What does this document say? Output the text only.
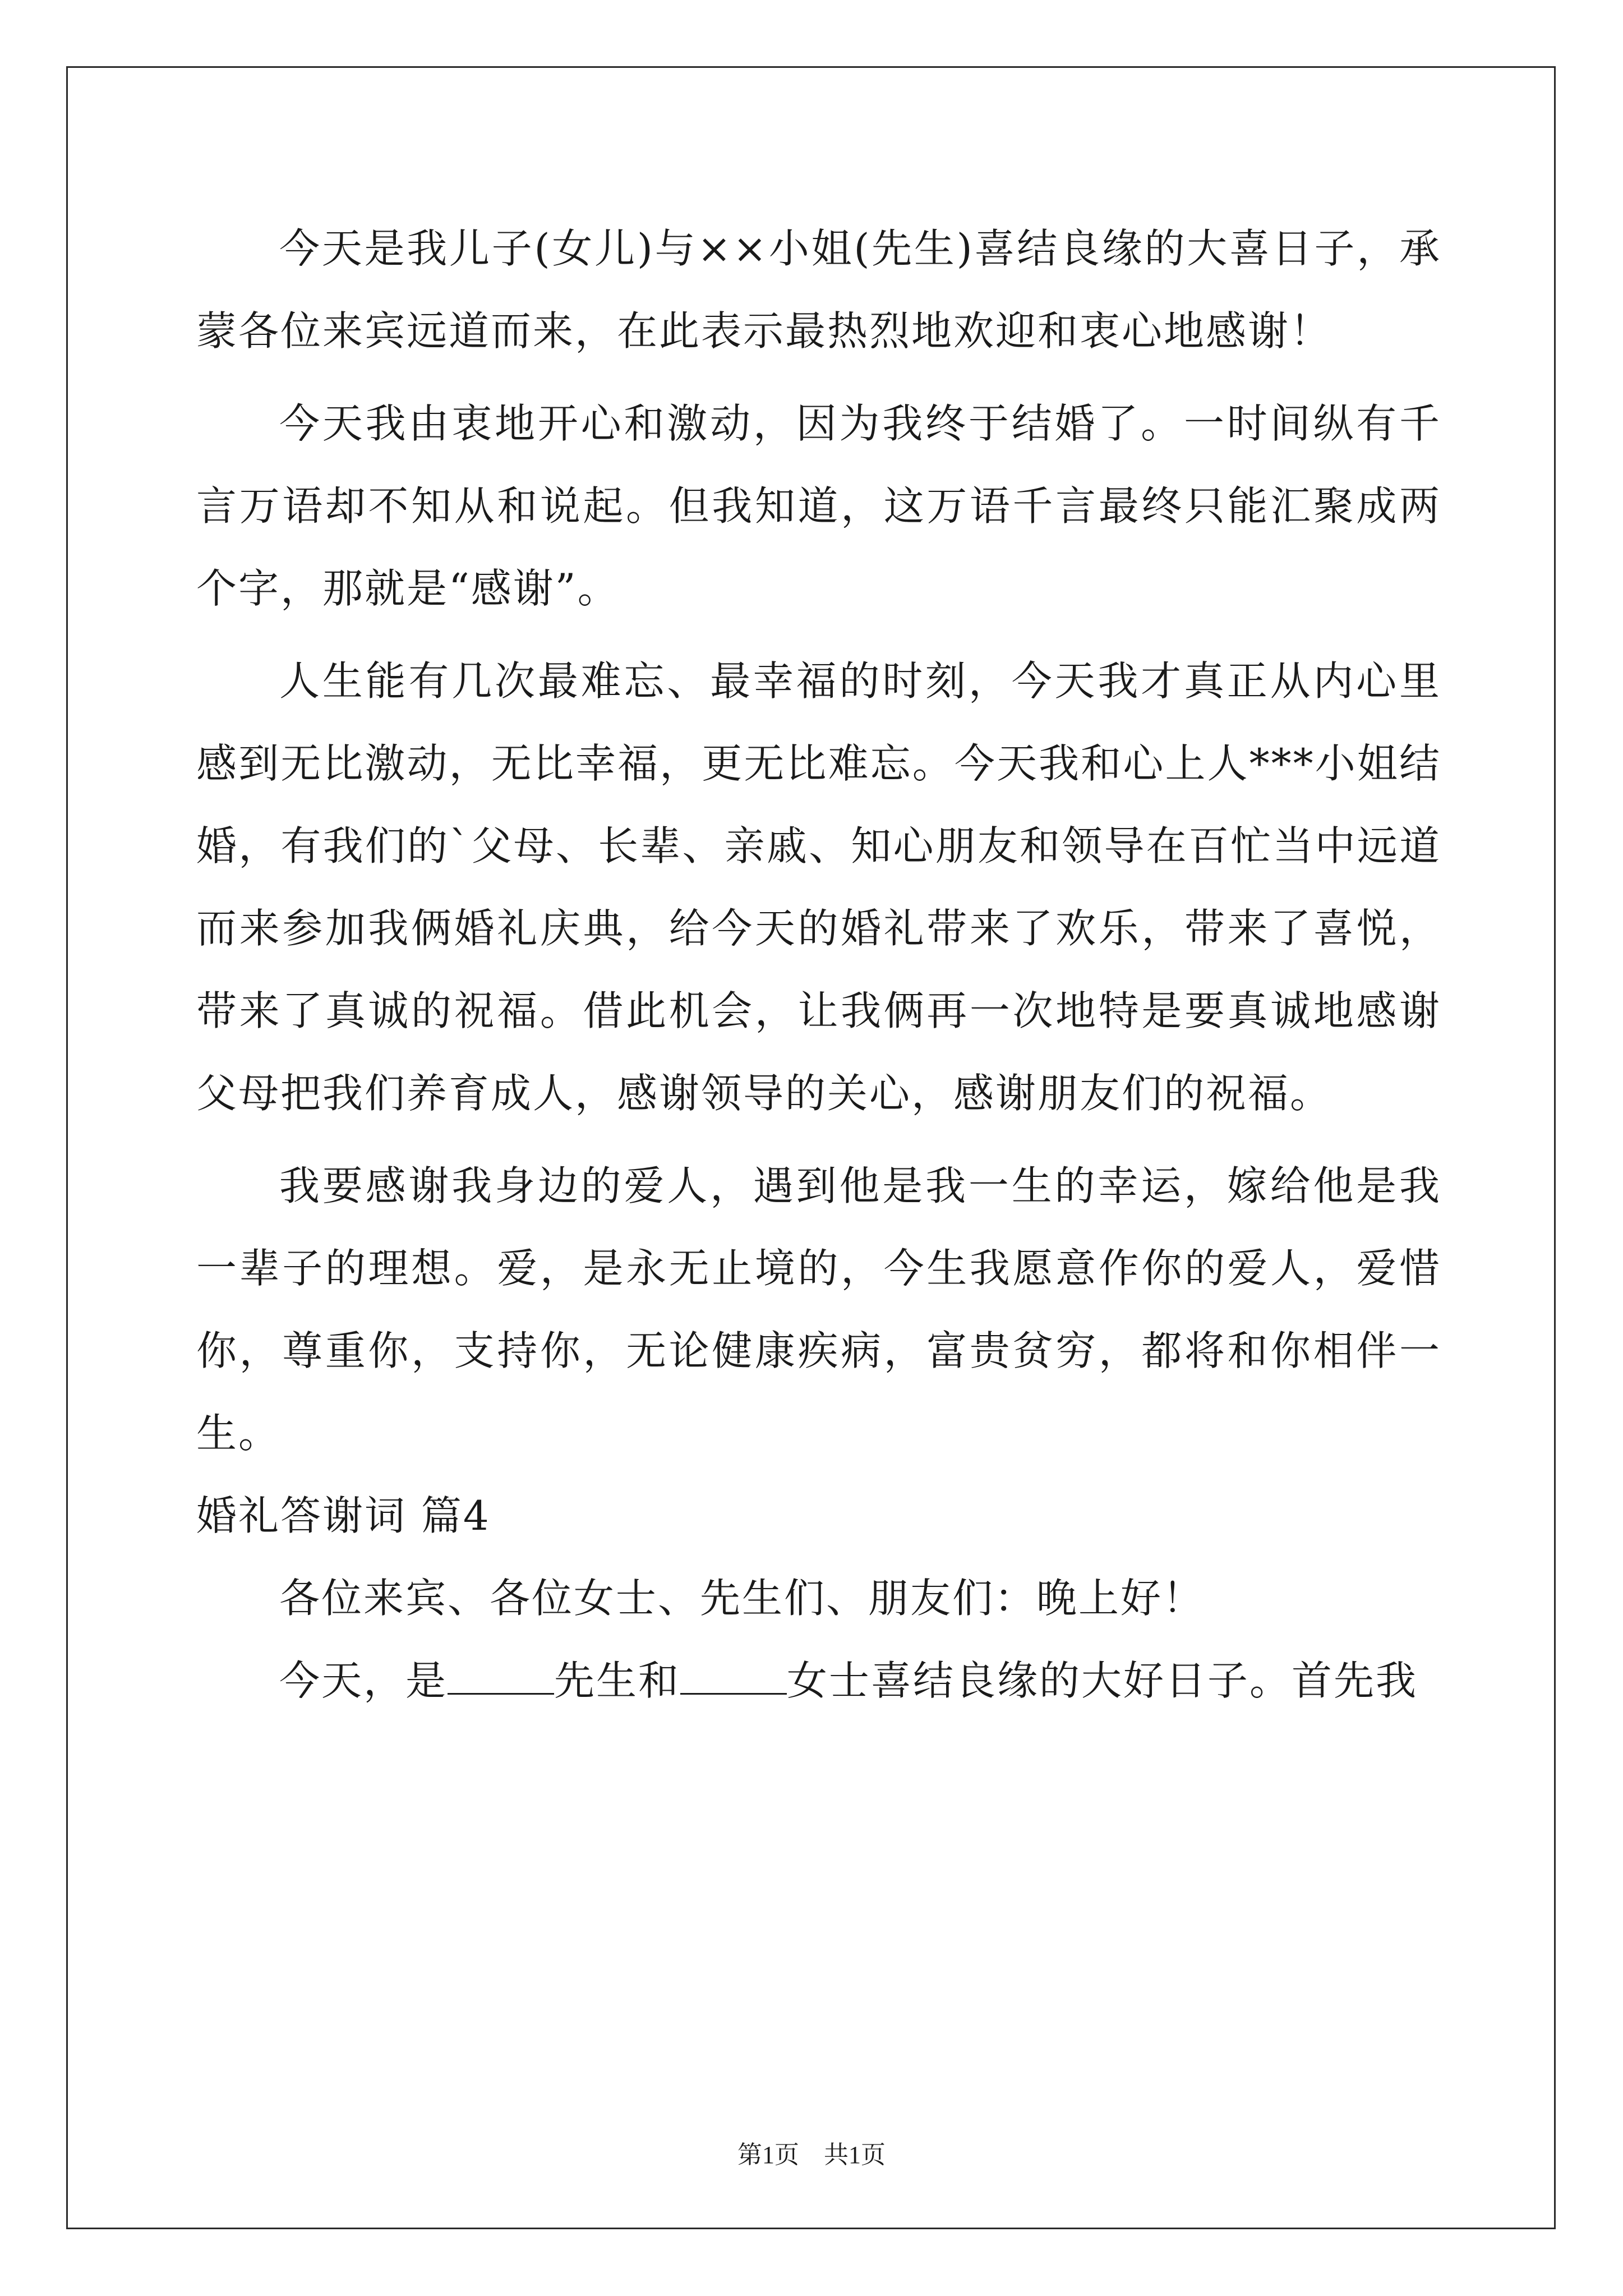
今天是我儿子(女儿)与××小姐(先生)喜结良缘的大喜日子，承蒙各位来宾远道而来，在此表示最热烈地欢迎和衷心地感谢！

今天我由衷地开心和激动，因为我终于结婚了。一时间纵有千言万语却不知从和说起。但我知道，这万语千言最终只能汇聚成两个字，那就是“感谢”。

人生能有几次最难忘、最幸福的时刻，今天我才真正从内心里感到无比激动，无比幸福，更无比难忘。今天我和心上人***小姐结婚，有我们的`父母、长辈、亲戚、知心朋友和领导在百忙当中远道而来参加我俩婚礼庆典，给今天的婚礼带来了欢乐，带来了喜悦，带来了真诚的祝福。借此机会，让我俩再一次地特是要真诚地感谢父母把我们养育成人，感谢领导的关心，感谢朋友们的祝福。

我要感谢我身边的爱人，遇到他是我一生的幸运，嫁给他是我一辈子的理想。爱，是永无止境的，今生我愿意作你的爱人，爱惜你，尊重你，支持你，无论健康疾病，富贵贫穷，都将和你相伴一生。

婚礼答谢词 篇4

各位来宾、各位女士、先生们、朋友们：晚上好！

今天，是	先生和	女士喜结良缘的大好日子。首先我

第1页　共1页
